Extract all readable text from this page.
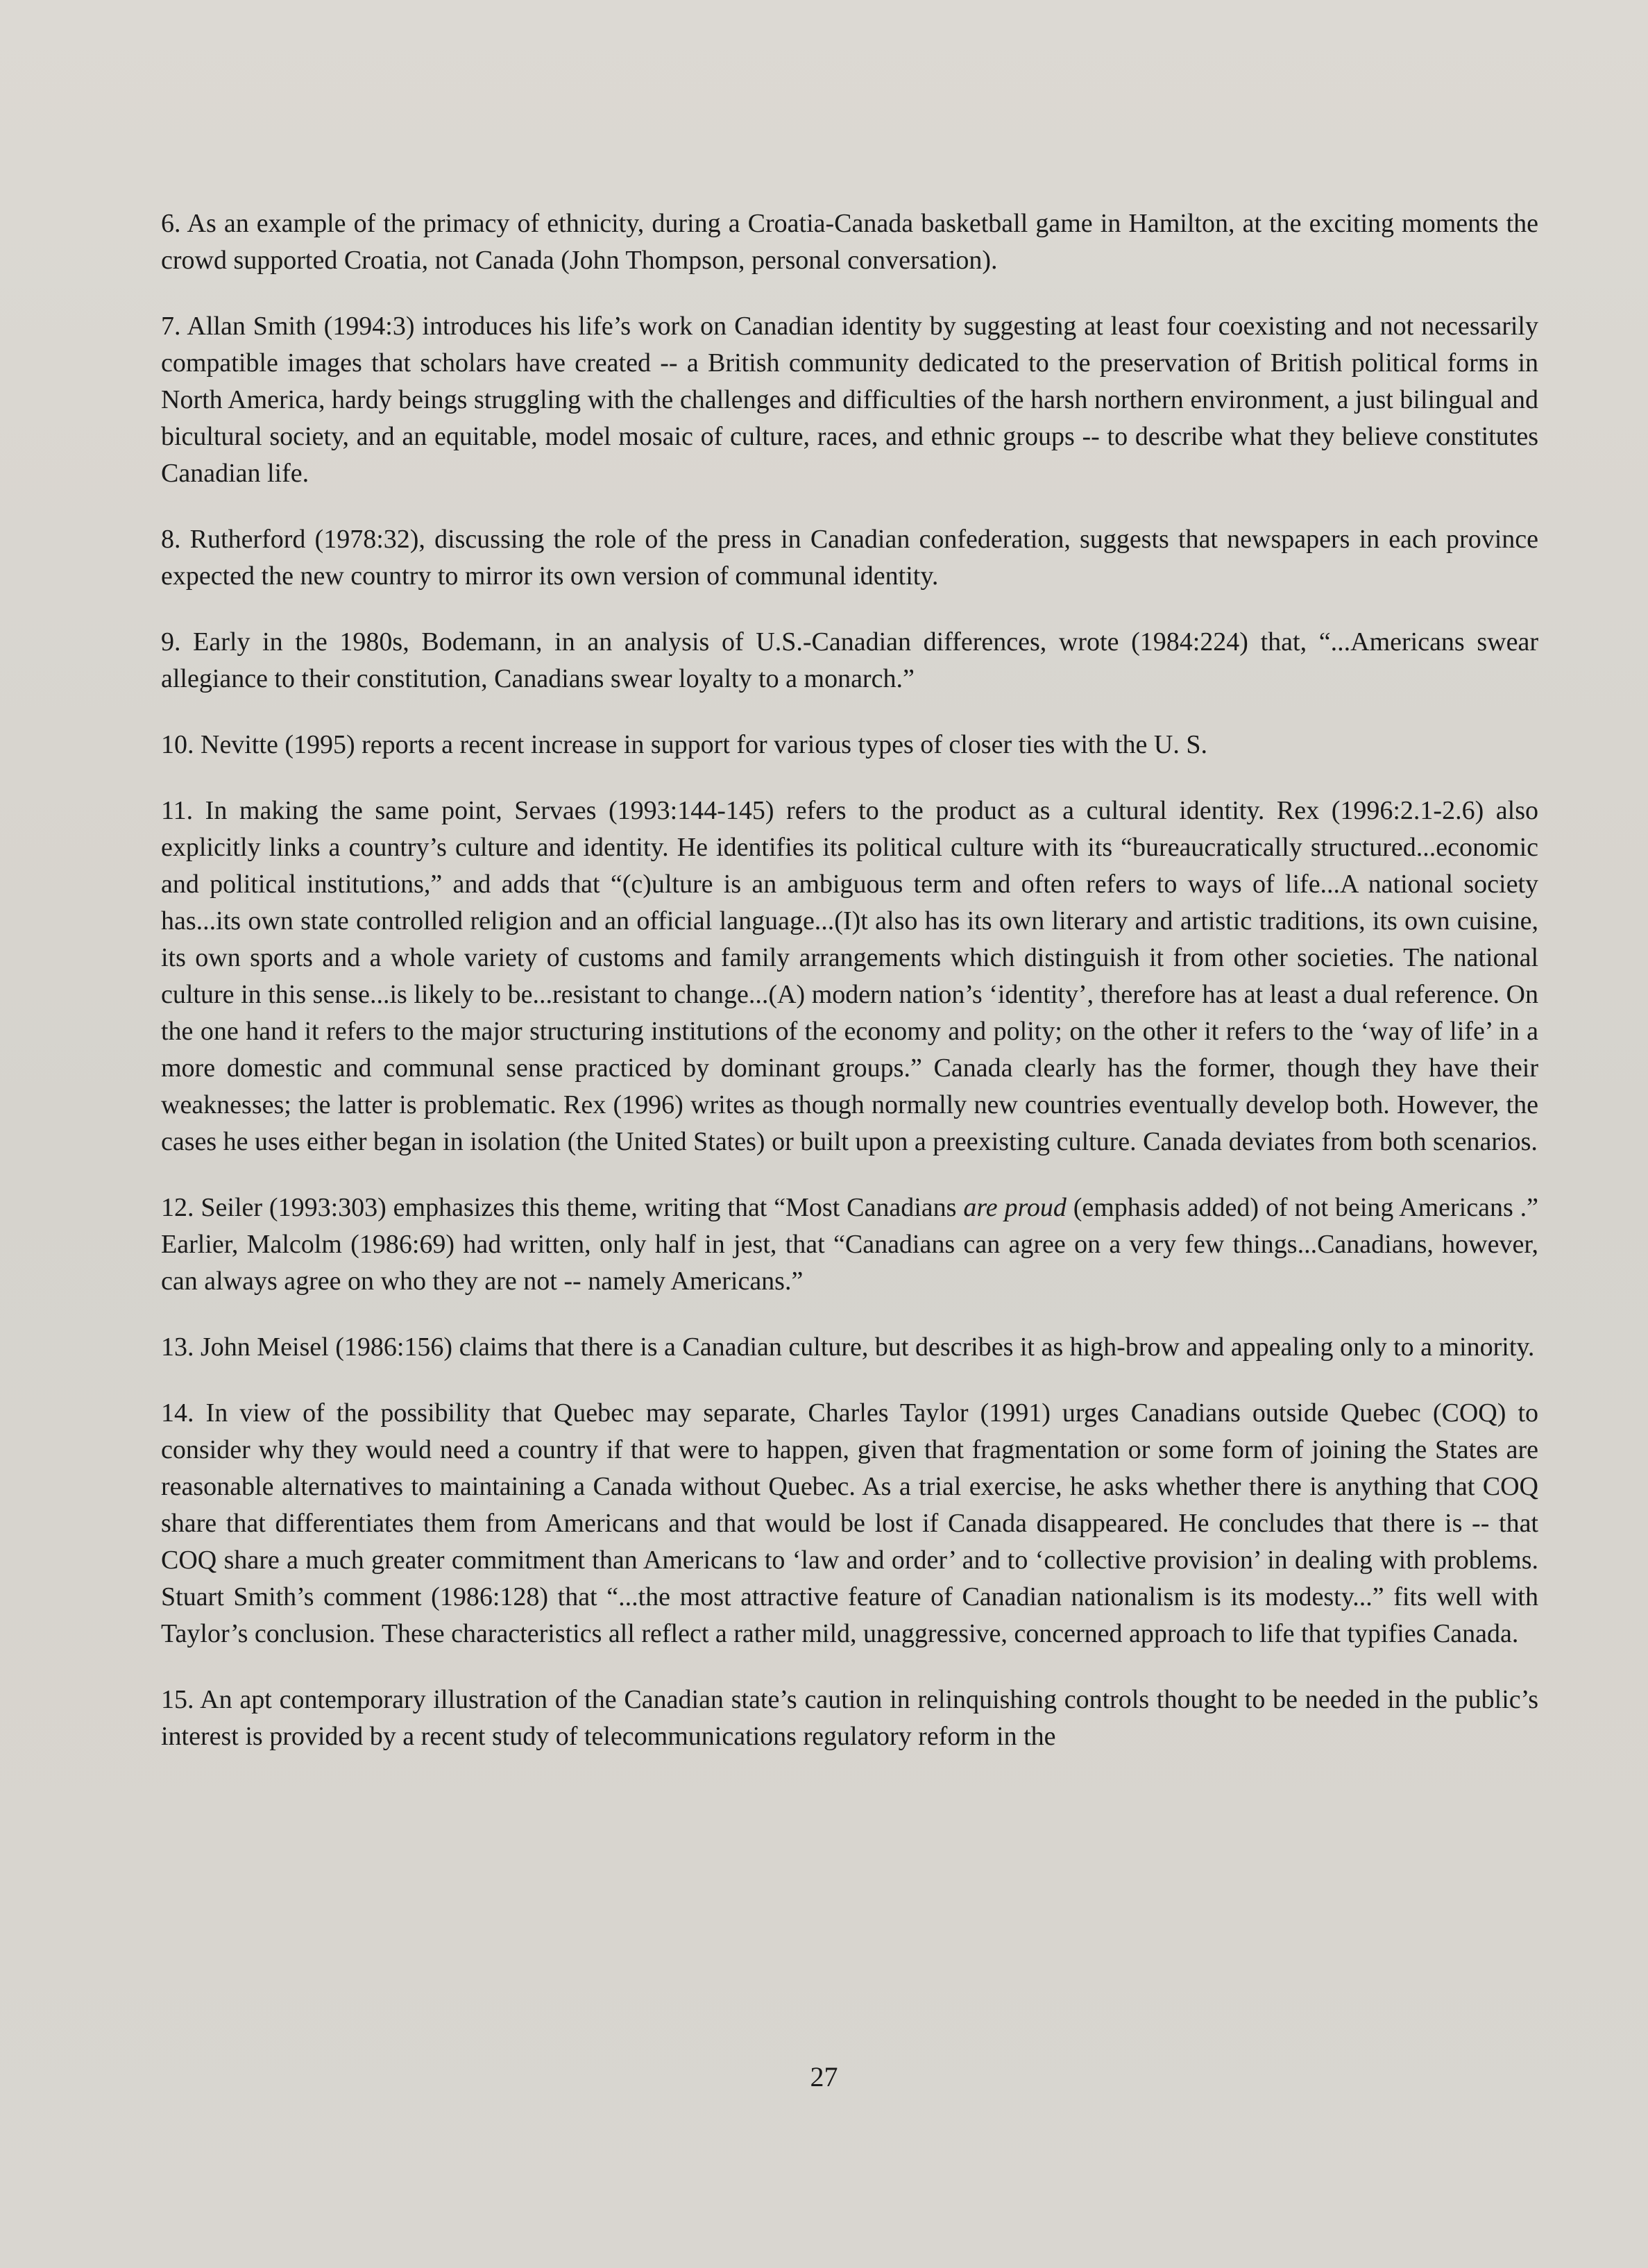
6. As an example of the primacy of ethnicity, during a Croatia-Canada basketball game in Hamilton, at the exciting moments the crowd supported Croatia, not Canada (John Thompson, personal conversation).

7. Allan Smith (1994:3) introduces his life’s work on Canadian identity by suggesting at least four coexisting and not necessarily compatible images that scholars have created -- a British community dedicated to the preservation of British political forms in North America, hardy beings struggling with the challenges and difficulties of the harsh northern environment, a just bilingual and bicultural society, and an equitable, model mosaic of culture, races, and ethnic groups -- to describe what they believe constitutes Canadian life.

8. Rutherford (1978:32), discussing the role of the press in Canadian confederation, suggests that newspapers in each province expected the new country to mirror its own version of communal identity.

9. Early in the 1980s, Bodemann, in an analysis of U.S.-Canadian differences, wrote (1984:224) that, “...Americans swear allegiance to their constitution, Canadians swear loyalty to a monarch.”

10. Nevitte (1995) reports a recent increase in support for various types of closer ties with the U. S.

11. In making the same point, Servaes (1993:144-145) refers to the product as a cultural identity. Rex (1996:2.1-2.6) also explicitly links a country’s culture and identity. He identifies its political culture with its “bureaucratically structured...economic and political institutions,” and adds that “(c)ulture is an ambiguous term and often refers to ways of life...A national society has...its own state controlled religion and an official language...(I)t also has its own literary and artistic traditions, its own cuisine, its own sports and a whole variety of customs and family arrangements which distinguish it from other societies. The national culture in this sense...is likely to be...resistant to change...(A) modern nation’s ‘identity’, therefore has at least a dual reference. On the one hand it refers to the major structuring institutions of the economy and polity; on the other it refers to the ‘way of life’ in a more domestic and communal sense practiced by dominant groups.” Canada clearly has the former, though they have their weaknesses; the latter is problematic. Rex (1996) writes as though normally new countries eventually develop both. However, the cases he uses either began in isolation (the United States) or built upon a preexisting culture. Canada deviates from both scenarios.

12. Seiler (1993:303) emphasizes this theme, writing that “Most Canadians are proud (emphasis added) of not being Americans .” Earlier, Malcolm (1986:69) had written, only half in jest, that “Canadians can agree on a very few things...Canadians, however, can always agree on who they are not -- namely Americans.”

13. John Meisel (1986:156) claims that there is a Canadian culture, but describes it as high-brow and appealing only to a minority.

14. In view of the possibility that Quebec may separate, Charles Taylor (1991) urges Canadians outside Quebec (COQ) to consider why they would need a country if that were to happen, given that fragmentation or some form of joining the States are reasonable alternatives to maintaining a Canada without Quebec. As a trial exercise, he asks whether there is anything that COQ share that differentiates them from Americans and that would be lost if Canada disappeared. He concludes that there is -- that COQ share a much greater commitment than Americans to ‘law and order’ and to ‘collective provision’ in dealing with problems. Stuart Smith’s comment (1986:128) that “...the most attractive feature of Canadian nationalism is its modesty...” fits well with Taylor’s conclusion. These characteristics all reflect a rather mild, unaggressive, concerned approach to life that typifies Canada.

15. An apt contemporary illustration of the Canadian state’s caution in relinquishing controls thought to be needed in the public’s interest is provided by a recent study of telecommunications regulatory reform in the

27
